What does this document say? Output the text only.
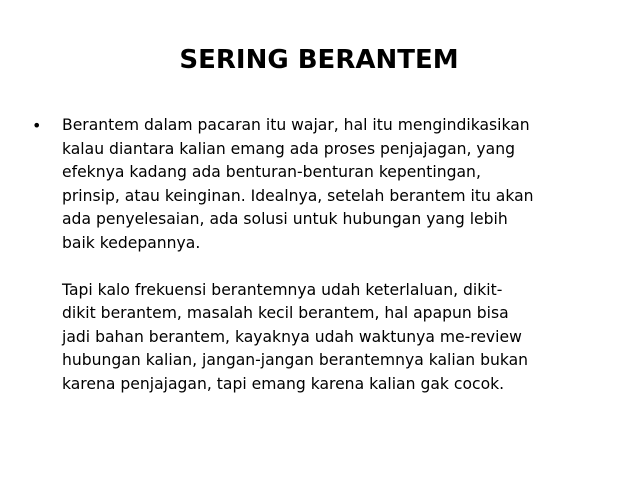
SERING BERANTEM
• Berantem dalam pacaran itu wajar, hal itu mengindikasikan
kalau diantara kalian emang ada proses penjajagan, yang
efeknya kadang ada benturan-benturan kepentingan,
prinsip, atau keinginan. Idealnya, setelah berantem itu akan
ada penyelesaian, ada solusi untuk hubungan yang lebih
baik kedepannya.

Tapi kalo frekuensi berantemnya udah keterlaluan, dikit-
dikit berantem, masalah kecil berantem, hal apapun bisa
jadi bahan berantem, kayaknya udah waktunya me-review
hubungan kalian, jangan-jangan berantemnya kalian bukan
karena penjajagan, tapi emang karena kalian gak cocok.
